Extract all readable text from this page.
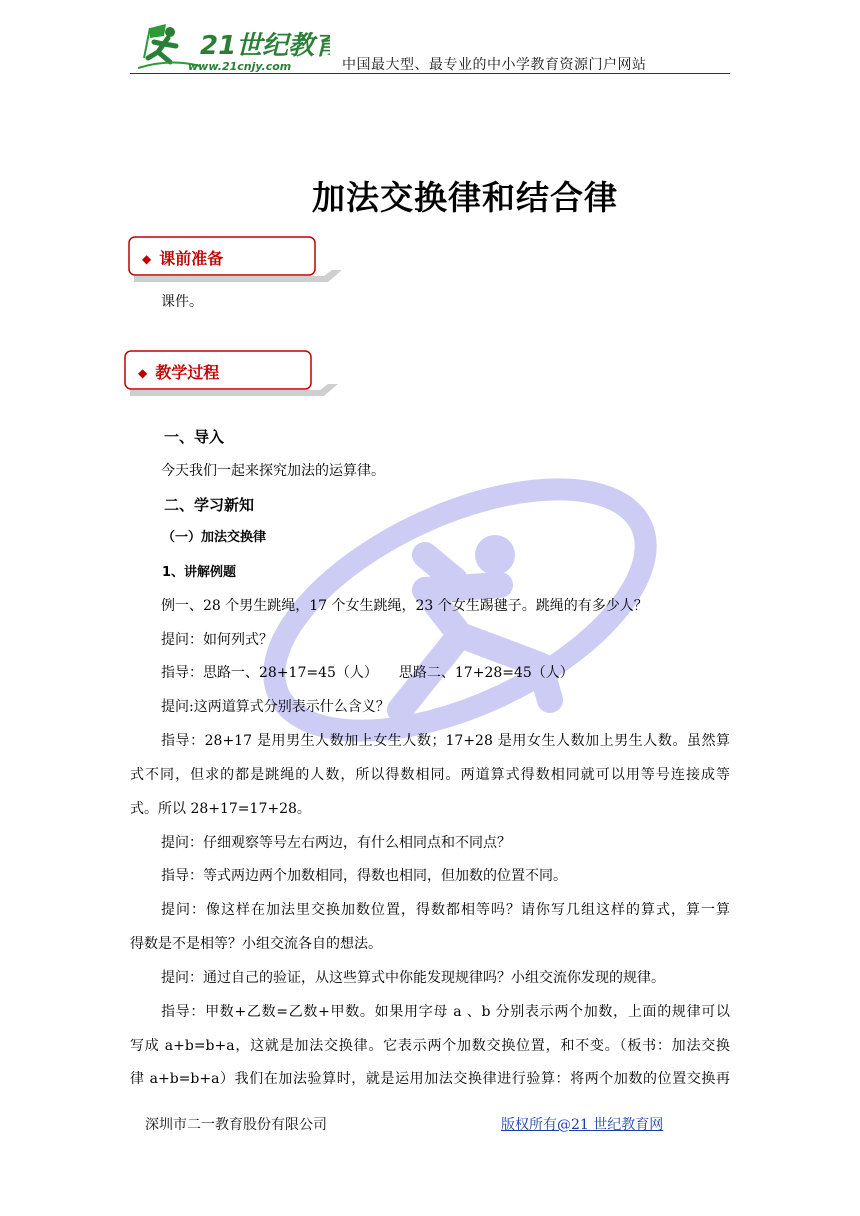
21世纪教育
www.21cnjy.com	中国最大型、最专业的中小学教育资源门户网站
加法交换律和结合律
◆ 课前准备
课件。
◆ 教学过程
一、导入
今天我们一起来探究加法的运算律。
二、学习新知
（一）加法交换律
1、讲解例题
例一、28 个男生跳绳，17 个女生跳绳，23 个女生踢毽子。跳绳的有多少人？
提问：如何列式？
指导：思路一、28+17=45（人）　　思路二、17+28=45（人）
提问:这两道算式分别表示什么含义？
指导：28+17 是用男生人数加上女生人数；17+28 是用女生人数加上男生人数。虽然算
式不同，但求的都是跳绳的人数，所以得数相同。两道算式得数相同就可以用等号连接成等
式。所以 28+17=17+28。
提问：仔细观察等号左右两边，有什么相同点和不同点？
指导：等式两边两个加数相同，得数也相同，但加数的位置不同。
提问：像这样在加法里交换加数位置，得数都相等吗？请你写几组这样的算式，算一算
得数是不是相等？小组交流各自的想法。
提问：通过自己的验证，从这些算式中你能发现规律吗？小组交流你发现的规律。
指导：甲数+乙数=乙数+甲数。如果用字母 a 、b 分别表示两个加数，上面的规律可以
写成 a+b=b+a，这就是加法交换律。它表示两个加数交换位置，和不变。（板书：加法交换
律 a+b=b+a）我们在加法验算时，就是运用加法交换律进行验算：将两个加数的位置交换再
深圳市二一教育股份有限公司	版权所有@21 世纪教育网
